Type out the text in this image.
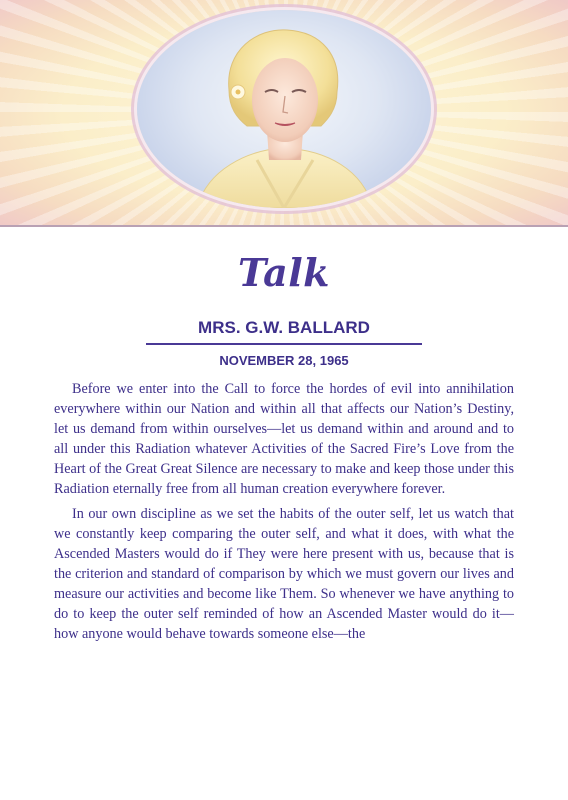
Talk
MRS. G.W. BALLARD
NOVEMBER 28, 1965

Before we enter into the Call to force the hordes of evil into annihilation everywhere within our Nation and within all that affects our Nation’s Destiny, let us demand from within ourselves—let us demand within and around and to all under this Radiation whatever Activities of the Sacred Fire’s Love from the Heart of the Great Great Silence are necessary to make and keep those under this Radiation eternally free from all human creation everywhere forever.

In our own discipline as we set the habits of the outer self, let us watch that we constantly keep comparing the outer self, and what it does, with what the Ascended Masters would do if They were here present with us, because that is the criterion and standard of comparison by which we must govern our lives and measure our activities and become like Them. So whenever we have anything to do to keep the outer self reminded of how an Ascended Master would do it—how anyone would behave towards someone else—the
